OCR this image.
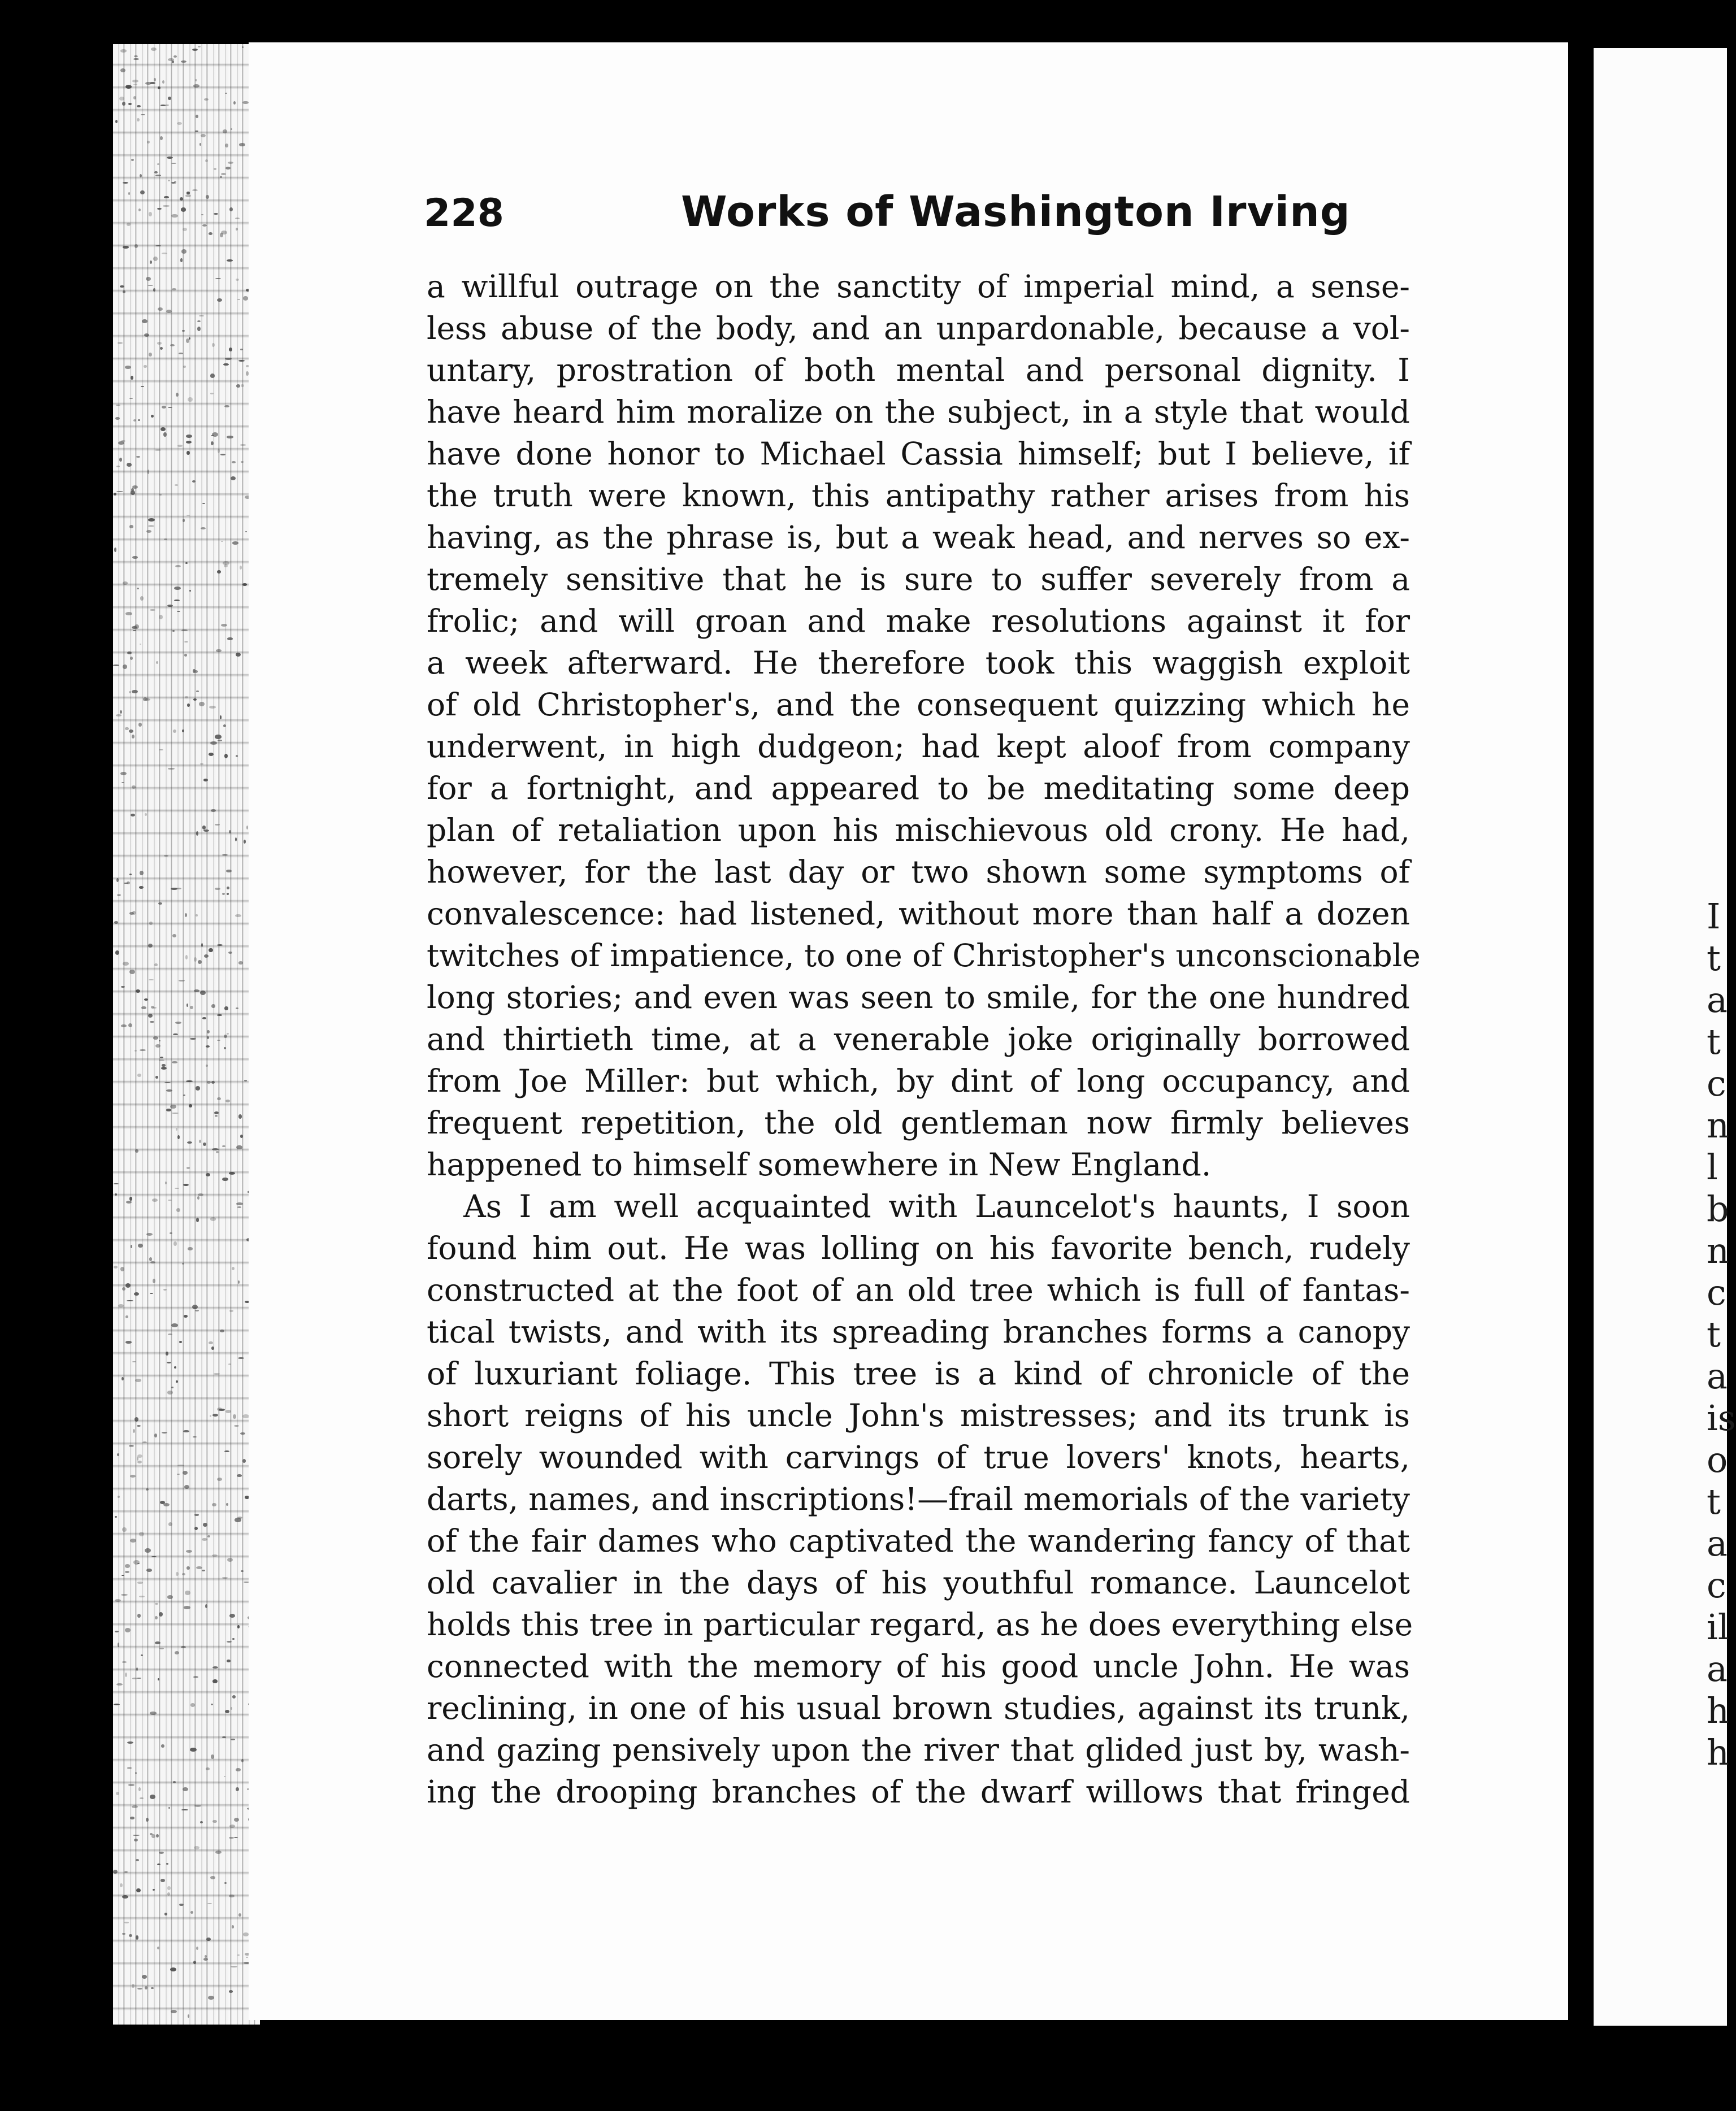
I
t
a
t
c
n
l
b
n
c
t
a
is
o
t
a
c
il
a
h
h
228	Works of Washington Irving
a willful outrage on the sanctity of imperial mind, a sense-
less abuse of the body, and an unpardonable, because a vol-
untary, prostration of both mental and personal dignity. I
have heard him moralize on the subject, in a style that would
have done honor to Michael Cassia himself; but I believe, if
the truth were known, this antipathy rather arises from his
having, as the phrase is, but a weak head, and nerves so ex-
tremely sensitive that he is sure to suffer severely from a
frolic; and will groan and make resolutions against it for
a week afterward. He therefore took this waggish exploit
of old Christopher's, and the consequent quizzing which he
underwent, in high dudgeon; had kept aloof from company
for a fortnight, and appeared to be meditating some deep
plan of retaliation upon his mischievous old crony. He had,
however, for the last day or two shown some symptoms of
convalescence: had listened, without more than half a dozen
twitches of impatience, to one of Christopher's unconscionable
long stories; and even was seen to smile, for the one hundred
and thirtieth time, at a venerable joke originally borrowed
from Joe Miller: but which, by dint of long occupancy, and
frequent repetition, the old gentleman now firmly believes
happened to himself somewhere in New England.
As I am well acquainted with Launcelot's haunts, I soon
found him out. He was lolling on his favorite bench, rudely
constructed at the foot of an old tree which is full of fantas-
tical twists, and with its spreading branches forms a canopy
of luxuriant foliage. This tree is a kind of chronicle of the
short reigns of his uncle John's mistresses; and its trunk is
sorely wounded with carvings of true lovers' knots, hearts,
darts, names, and inscriptions!—frail memorials of the variety
of the fair dames who captivated the wandering fancy of that
old cavalier in the days of his youthful romance. Launcelot
holds this tree in particular regard, as he does everything else
connected with the memory of his good uncle John. He was
reclining, in one of his usual brown studies, against its trunk,
and gazing pensively upon the river that glided just by, wash-
ing the drooping branches of the dwarf willows that fringed
